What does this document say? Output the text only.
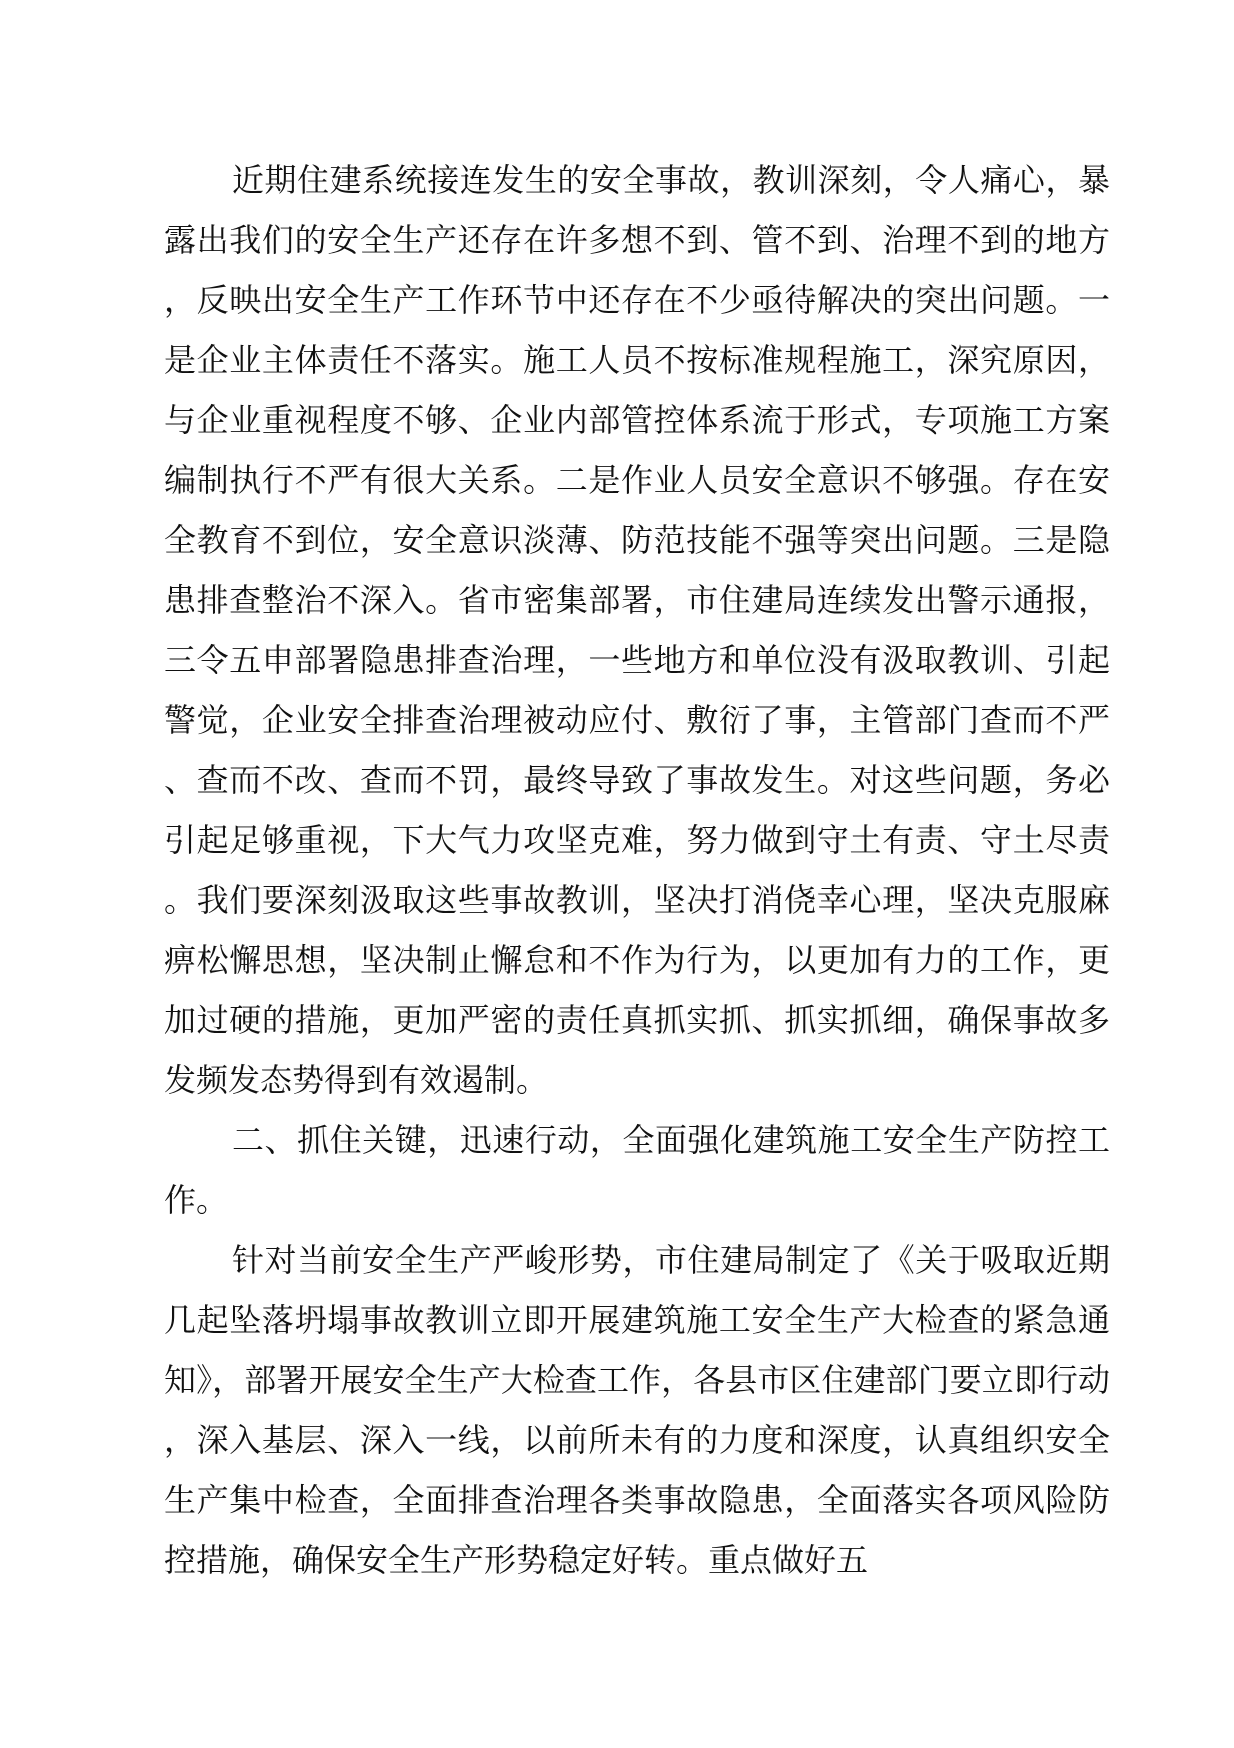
近期住建系统接连发生的安全事故，教训深刻，令人痛心，暴露出我们的安全生产还存在许多想不到、管不到、治理不到的地方，反映出安全生产工作环节中还存在不少亟待解决的突出问题。一是企业主体责任不落实。施工人员不按标准规程施工，深究原因，与企业重视程度不够、企业内部管控体系流于形式，专项施工方案编制执行不严有很大关系。二是作业人员安全意识不够强。存在安全教育不到位，安全意识淡薄、防范技能不强等突出问题。三是隐患排查整治不深入。省市密集部署，市住建局连续发出警示通报，三令五申部署隐患排查治理，一些地方和单位没有汲取教训、引起警觉，企业安全排查治理被动应付、敷衍了事，主管部门查而不严、查而不改、查而不罚，最终导致了事故发生。对这些问题，务必引起足够重视，下大气力攻坚克难，努力做到守土有责、守土尽责。我们要深刻汲取这些事故教训，坚决打消侥幸心理，坚决克服麻痹松懈思想，坚决制止懈怠和不作为行为，以更加有力的工作，更加过硬的措施，更加严密的责任真抓实抓、抓实抓细，确保事故多发频发态势得到有效遏制。

二、抓住关键，迅速行动，全面强化建筑施工安全生产防控工作。

针对当前安全生产严峻形势，市住建局制定了《关于吸取近期几起坠落坍塌事故教训立即开展建筑施工安全生产大检查的紧急通知》，部署开展安全生产大检查工作，各县市区住建部门要立即行动，深入基层、深入一线，以前所未有的力度和深度，认真组织安全生产集中检查，全面排查治理各类事故隐患，全面落实各项风险防控措施，确保安全生产形势稳定好转。重点做好五
